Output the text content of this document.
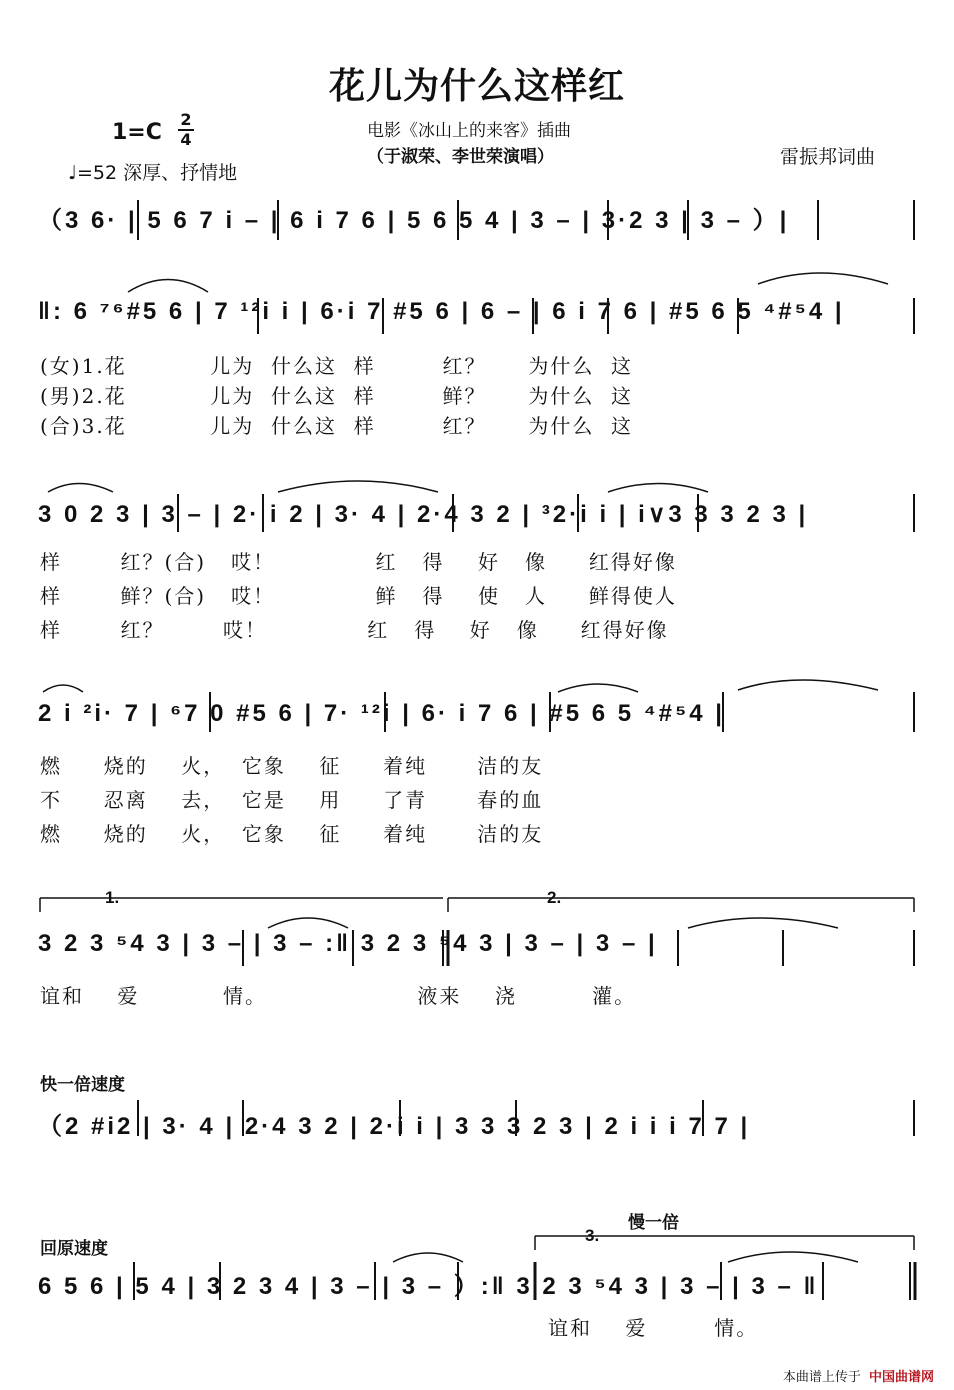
花儿为什么这样红
1=C
2
4
♩=52 深厚、抒情地
电影《冰山上的来客》插曲
（于淑荣、李世荣演唱）	雷振邦词曲
（3 6· | 5 6 7 i – | 6 i 7 6 | 5 6 5 4 | 3 – | 3·2 3 | 3 – ）|
‖: 6 ⁷⁶#5 6 | 7 ¹²i i | 6·i 7 #5 6 | 6 – | 6 i 7 6 | #5 6 5 ⁴#⁵4 |
(女)1.花          儿为  什么这  样        红？     为什么  这
(男)2.花          儿为  什么这  样        鲜？     为什么  这
(合)3.花          儿为  什么这  样        红？     为什么  这
3 0 2 3 | 3 – | 2· i 2 | 3· 4 | 2·4 3 2 | ³2·i i | i∨3 3 3 2 3 |
样       红？(合)   哎！            红   得    好   像     红得好像
样       鲜？(合)   哎！            鲜   得    使   人     鲜得使人
样       红？       哎！            红   得    好   像     红得好像
2 i ²i· 7 | ⁶7 0 #5 6 | 7· ¹²i | 6· i 7 6 | #5 6 5 ⁴#⁵4 |
燃     烧的    火，  它象    征     着纯      洁的友
不     忍离    去，  它是    用     了青      春的血
燃     烧的    火，  它象    征     着纯      洁的友
1.	2.
3 2 3 ⁵4 3 | 3 – | 3 – :‖ 3 2 3 ⁵4 3 | 3 – | 3 – |
谊和    爱          情。                  液来    浇         灌。
快一倍速度
（2 #i2 | 3· 4 | 2·4 3 2 | 2·i i | 3 3 3 2 3 | 2 i i i 7 7 |
回原速度
慢一倍
3.
6 5 6 | 5 4 | 3 2 3 4 | 3 – | 3 – ）:‖ 3 2 3 ⁵4 3 | 3 – | 3 – ‖
谊和    爱        情。
本曲谱上传于 中国曲谱网
